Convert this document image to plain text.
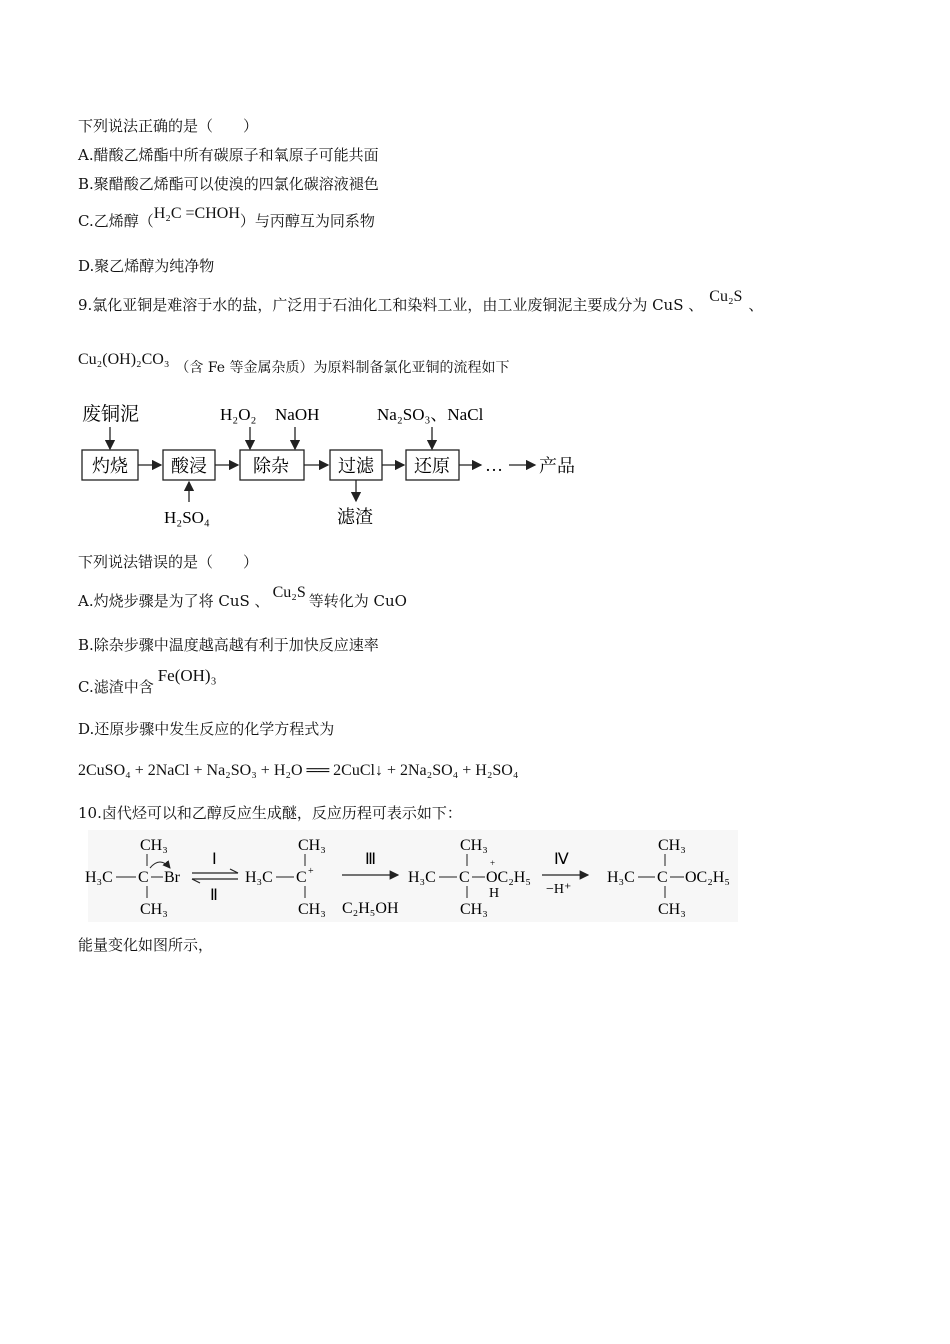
下列说法正确的是（　　）
A.醋酸乙烯酯中所有碳原子和氧原子可能共面
B.聚醋酸乙烯酯可以使溴的四氯化碳溶液褪色
C.乙烯醇（H₂C =CHOH）与丙醇互为同系物
D.聚乙烯醇为纯净物
9.氯化亚铜是难溶于水的盐，广泛用于石油化工和染料工业，由工业废铜泥主要成分为 CuS 、 Cu₂S 、
Cu₂(OH)₂CO₃ （含 Fe 等金属杂质）为原料制备氯化亚铜的流程如下
废铜泥
灼烧 酸浸	除杂	过滤 还原 … 产品
H₂O₂ NaOH	Na₂SO₃、NaCl
H₂SO₄	滤渣
下列说法错误的是（　　）
A.灼烧步骤是为了将 CuS 、 Cu₂S 等转化为 CuO
B.除杂步骤中温度越高越有利于加快反应速率
C.滤渣中含Fe(OH)₃
D.还原步骤中发生反应的化学方程式为
2CuSO₄ + 2NaCl + Na₂SO₃ + H₂O ══ 2CuCl↓ + 2Na₂SO₄ + H₂SO₄
10.卤代烃可以和乙醇反应生成醚，反应历程可表示如下：
CH₃
H₃C C Br
CH₃
Ⅰ
Ⅱ
CH₃
H₃C C +
CH₃
Ⅲ
C₂H₅OH
CH₃
H₃C C OC₂H₅
+
H
CH₃
Ⅳ
−H⁺
CH₃
H₃C C OC₂H₅
CH₃
能量变化如图所示，
